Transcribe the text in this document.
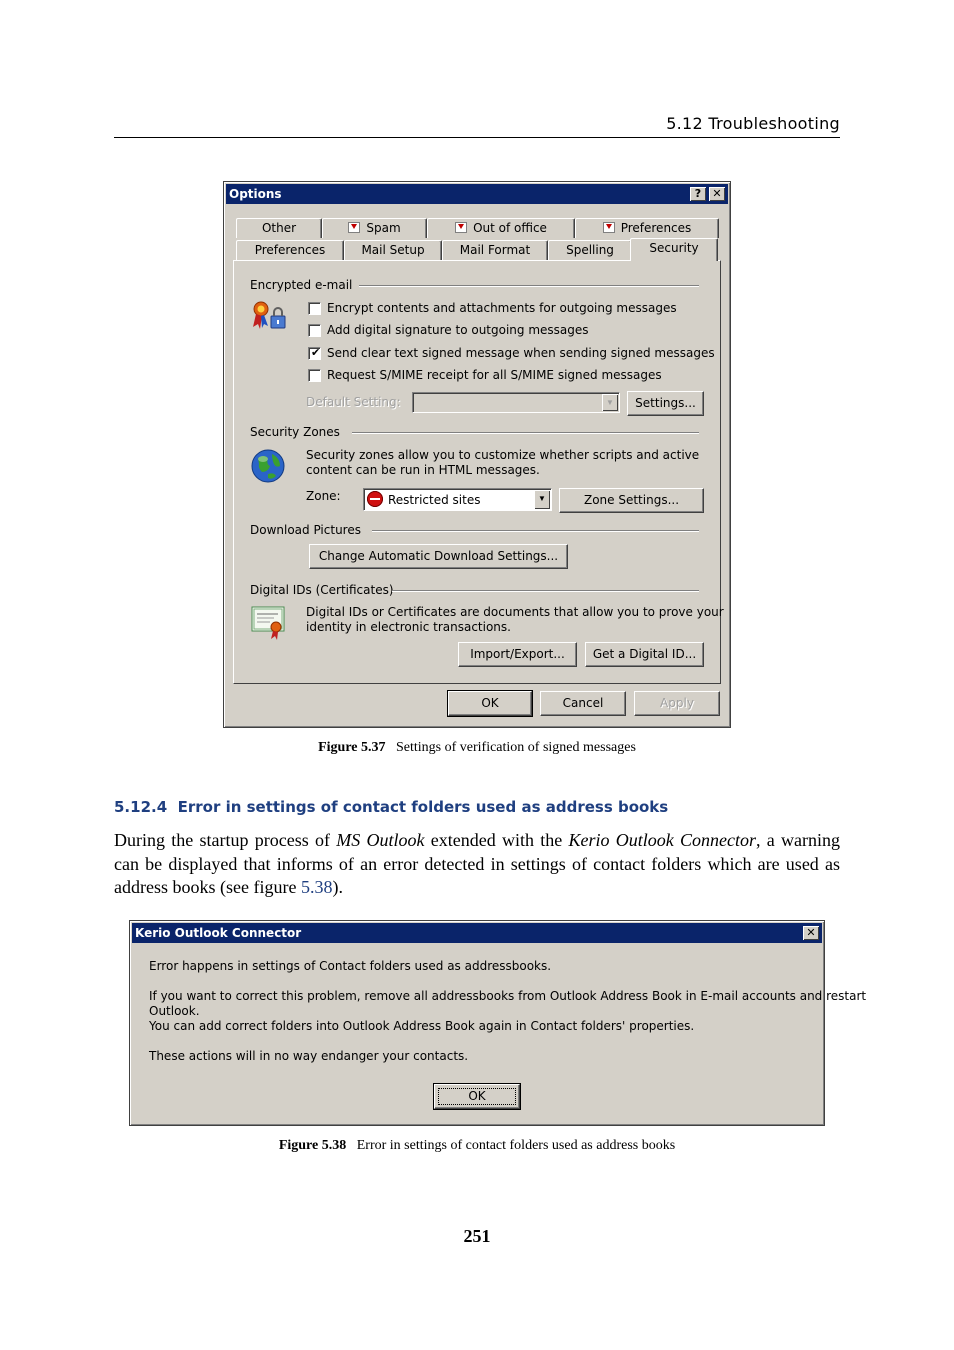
5.12 Troubleshooting
Options	?	✕
Other	Spam	Out of office	Preferences
Preferences	Mail Setup	Mail Format	Spelling	Security
Encrypted e-mail
Encrypt contents and attachments for outgoing messages
Add digital signature to outgoing messages
✔ Send clear text signed message when sending signed messages
Request S/MIME receipt for all S/MIME signed messages
Default Setting:	▼	Settings...
Security Zones
Security zones allow you to customize whether scripts and active
content can be run in HTML messages.
Zone:	Restricted sites	▼	Zone Settings...
Download Pictures
Change Automatic Download Settings...
Digital IDs (Certificates)
Digital IDs or Certificates are documents that allow you to prove your
identity in electronic transactions.
Import/Export...	Get a Digital ID...
OK	Cancel	Apply
Figure 5.37 Settings of verification of signed messages
5.12.4 Error in settings of contact folders used as address books
During the startup process of MS Outlook extended with the Kerio Outlook Connector, a warning can be displayed that informs of an error detected in settings of contact folders which are used as address books (see figure 5.38).
Kerio Outlook Connector	✕
Error happens in settings of Contact folders used as addressbooks.
If you want to correct this problem, remove all addressbooks from Outlook Address Book in E-mail accounts and restart
Outlook.
You can add correct folders into Outlook Address Book again in Contact folders' properties.
These actions will in no way endanger your contacts.
OK
Figure 5.38 Error in settings of contact folders used as address books
251
